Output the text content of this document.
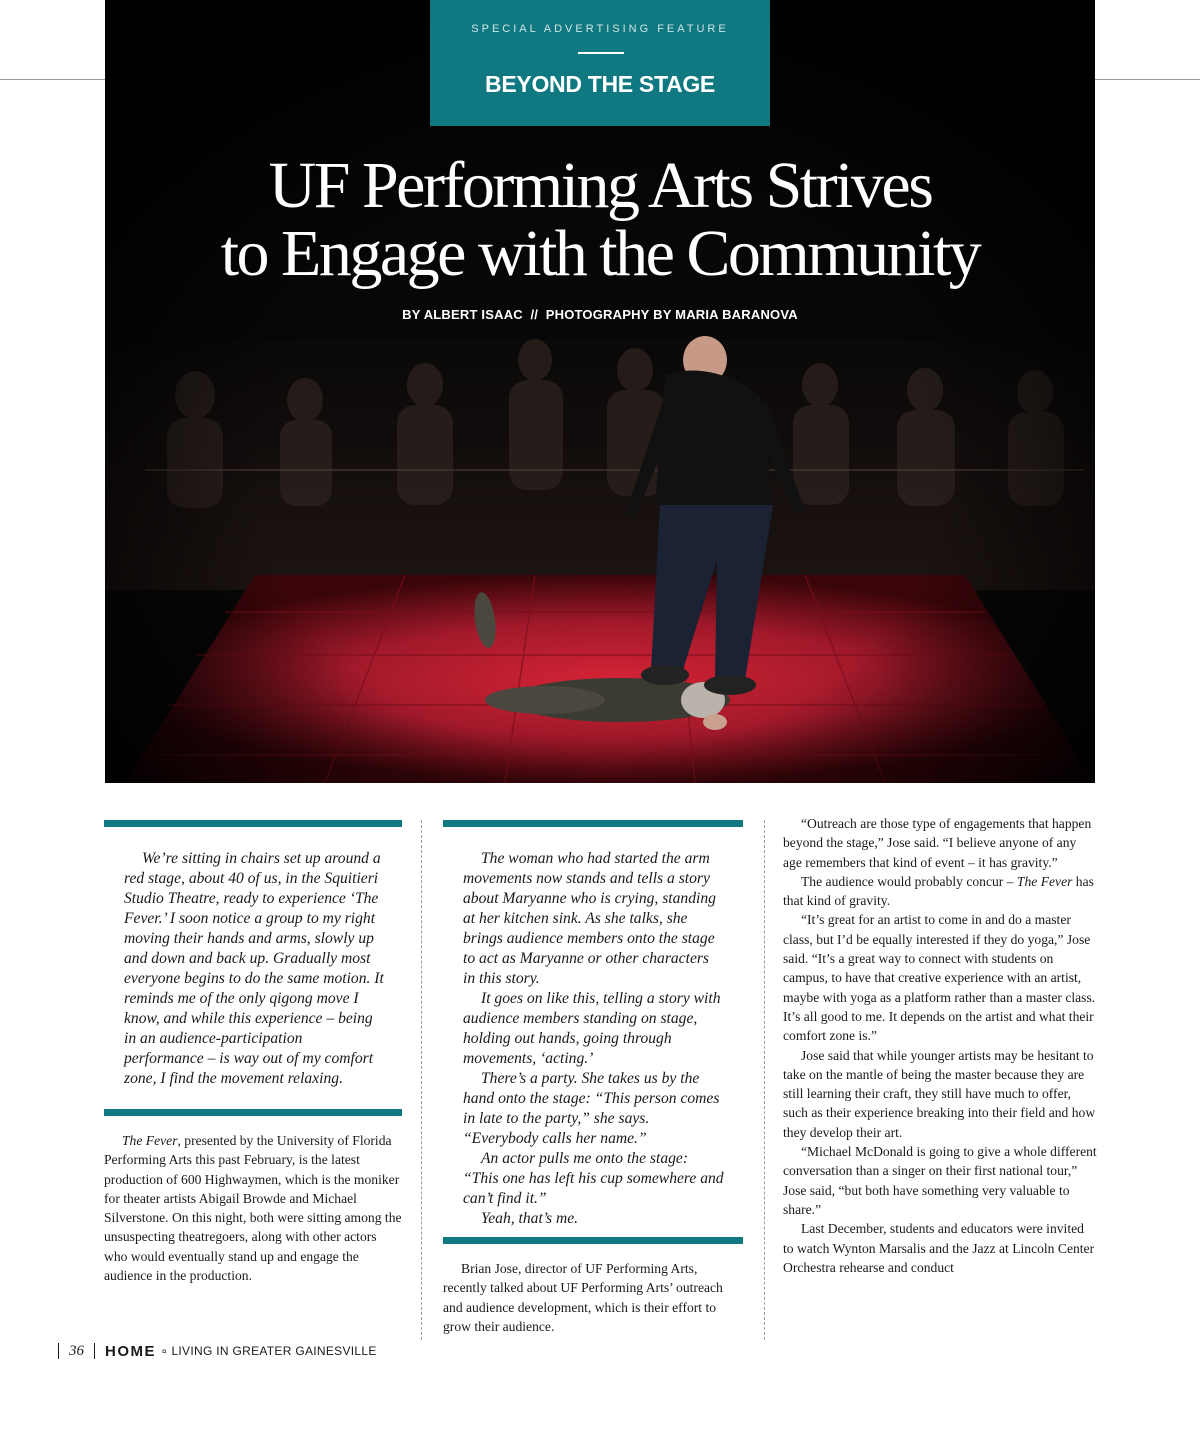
SPECIAL ADVERTISING FEATURE
BEYOND THE STAGE
UF Performing Arts Strives
to Engage with the Community
BY ALBERT ISAAC  //  PHOTOGRAPHY BY MARIA BARANOVA

We’re sitting in chairs set up around a red stage, about 40 of us, in the Squitieri Studio Theatre, ready to experience ‘The Fever.’ I soon notice a group to my right moving their hands and arms, slowly up and down and back up. Gradually most everyone begins to do the same motion. It reminds me of the only qigong move I know, and while this experience – being in an audience-participation performance – is way out of my comfort zone, I find the movement relaxing.

The Fever, presented by the University of Florida Performing Arts this past February, is the latest production of 600 Highwaymen, which is the moniker for theater artists Abigail Browde and Michael Silverstone. On this night, both were sitting among the unsuspecting theatregoers, along with other actors who would eventually stand up and engage the audience in the production.

The woman who had started the arm movements now stands and tells a story about Maryanne who is crying, standing at her kitchen sink. As she talks, she brings audience members onto the stage to act as Maryanne or other characters in this story.

It goes on like this, telling a story with audience members standing on stage, holding out hands, going through movements, ‘acting.’

There’s a party. She takes us by the hand onto the stage: “This person comes in late to the party,” she says. “Everybody calls her name.”

An actor pulls me onto the stage: “This one has left his cup somewhere and can’t find it.”

Yeah, that’s me.

Brian Jose, director of UF Performing Arts, recently talked about UF Performing Arts’ outreach and audience development, which is their effort to grow their audience.

“Outreach are those type of engagements that happen beyond the stage,” Jose said. “I believe anyone of any age remembers that kind of event – it has gravity.”

The audience would probably concur – The Fever has that kind of gravity.

“It’s great for an artist to come in and do a master class, but I’d be equally interested if they do yoga,” Jose said. “It’s a great way to connect with students on campus, to have that creative experience with an artist, maybe with yoga as a platform rather than a master class. It’s all good to me. It depends on the artist and what their comfort zone is.”

Jose said that while younger artists may be hesitant to take on the mantle of being the master because they are still learning their craft, they still have much to offer, such as their experience breaking into their field and how they develop their art.

“Michael McDonald is going to give a whole different conversation than a singer on their first national tour,” Jose said, “but both have something very valuable to share.”

Last December, students and educators were invited to watch Wynton Marsalis and the Jazz at Lincoln Center Orchestra rehearse and conduct

36 HOME ¤ LIVING IN GREATER GAINESVILLE
